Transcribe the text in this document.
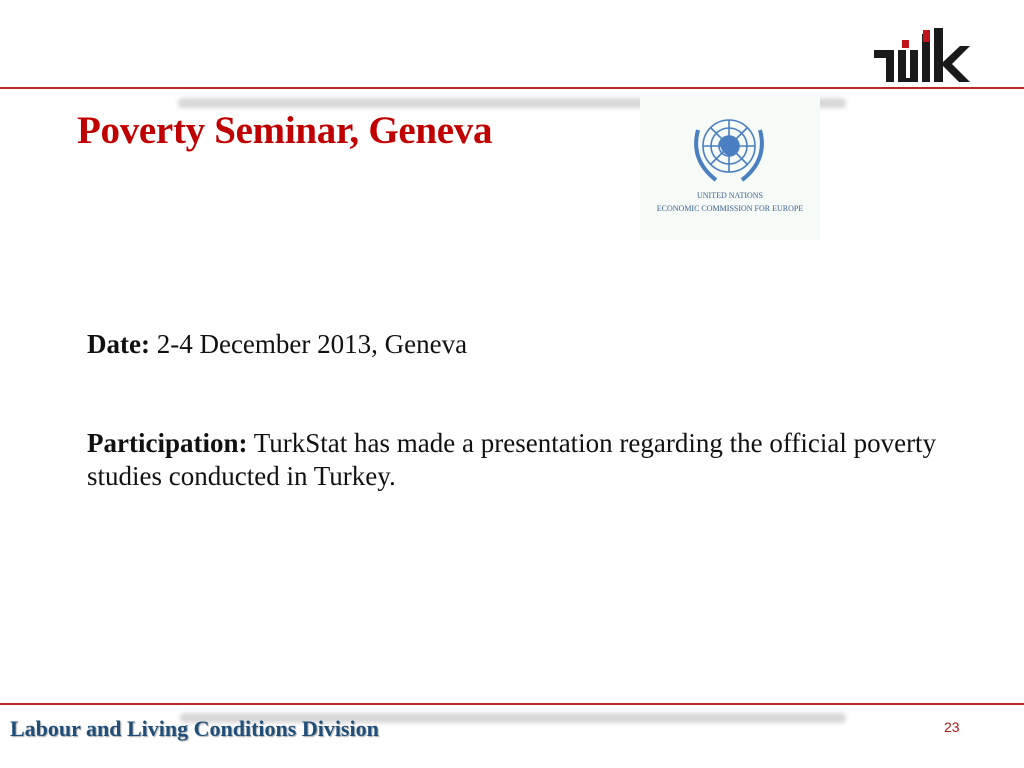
Poverty Seminar, Geneva
UNITED NATIONS
ECONOMIC COMMISSION FOR EUROPE
Date: 2-4 December 2013, Geneva
Participation: TurkStat has made a presentation regarding the official poverty studies conducted in Turkey.
Labour and Living Conditions Division	23
